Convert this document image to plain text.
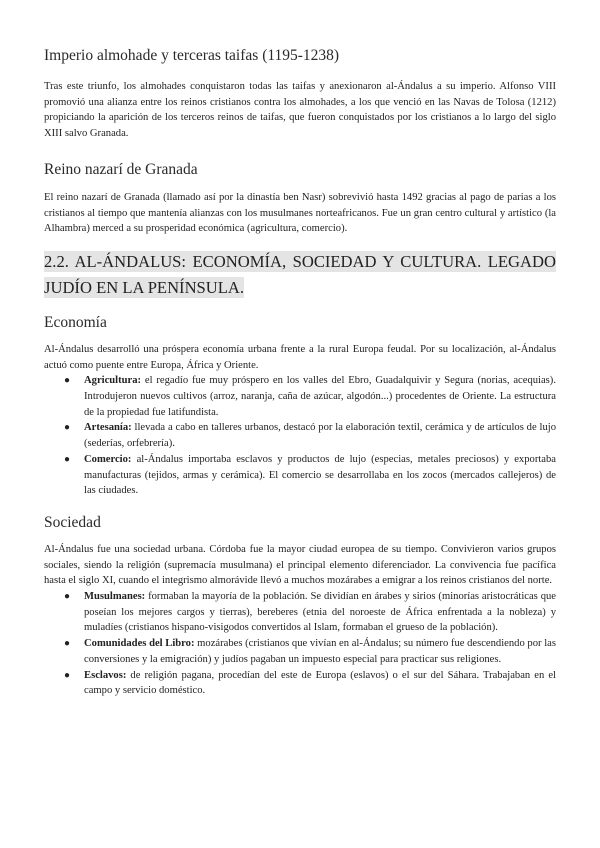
Imperio almohade y terceras taifas (1195-1238)

Tras este triunfo, los almohades conquistaron todas las taifas y anexionaron al-Ándalus a su imperio. Alfonso VIII promovió una alianza entre los reinos cristianos contra los almohades, a los que venció en las Navas de Tolosa (1212) propiciando la aparición de los terceros reinos de taifas, que fueron conquistados por los cristianos a lo largo del siglo XIII salvo Granada.

Reino nazarí de Granada

El reino nazarí de Granada (llamado así por la dinastía ben Nasr) sobrevivió hasta 1492 gracias al pago de parias a los cristianos al tiempo que mantenía alianzas con los musulmanes norteafricanos. Fue un gran centro cultural y artístico (la Alhambra) merced a su prosperidad económica (agricultura, comercio).

2.2. AL-ÁNDALUS: ECONOMÍA, SOCIEDAD Y CULTURA. LEGADO JUDÍO EN LA PENÍNSULA.
Economía

Al-Ándalus desarrolló una próspera economía urbana frente a la rural Europa feudal. Por su localización, al-Ándalus actuó como puente entre Europa, África y Oriente.

● Agricultura: el regadío fue muy próspero en los valles del Ebro, Guadalquivir y Segura (norias, acequias). Introdujeron nuevos cultivos (arroz, naranja, caña de azúcar, algodón...) procedentes de Oriente. La estructura de la propiedad fue latifundista.
● Artesanía: llevada a cabo en talleres urbanos, destacó por la elaboración textil, cerámica y de artículos de lujo (sederías, orfebrería).
● Comercio: al-Ándalus importaba esclavos y productos de lujo (especias, metales preciosos) y exportaba manufacturas (tejidos, armas y cerámica). El comercio se desarrollaba en los zocos (mercados callejeros) de las ciudades.
Sociedad

Al-Ándalus fue una sociedad urbana. Córdoba fue la mayor ciudad europea de su tiempo. Convivieron varios grupos sociales, siendo la religión (supremacía musulmana) el principal elemento diferenciador. La convivencia fue pacífica hasta el siglo XI, cuando el integrismo almorávide llevó a muchos mozárabes a emigrar a los reinos cristianos del norte.

● Musulmanes: formaban la mayoría de la población. Se dividían en árabes y sirios (minorías aristocráticas que poseían los mejores cargos y tierras), bereberes (etnia del noroeste de África enfrentada a la nobleza) y muladíes (cristianos hispano-visigodos convertidos al Islam, formaban el grueso de la población).
● Comunidades del Libro: mozárabes (cristianos que vivían en al-Ándalus; su número fue descendiendo por las conversiones y la emigración) y judíos pagaban un impuesto especial para practicar sus religiones.
● Esclavos: de religión pagana, procedían del este de Europa (eslavos) o el sur del Sáhara. Trabajaban en el campo y servicio doméstico.
